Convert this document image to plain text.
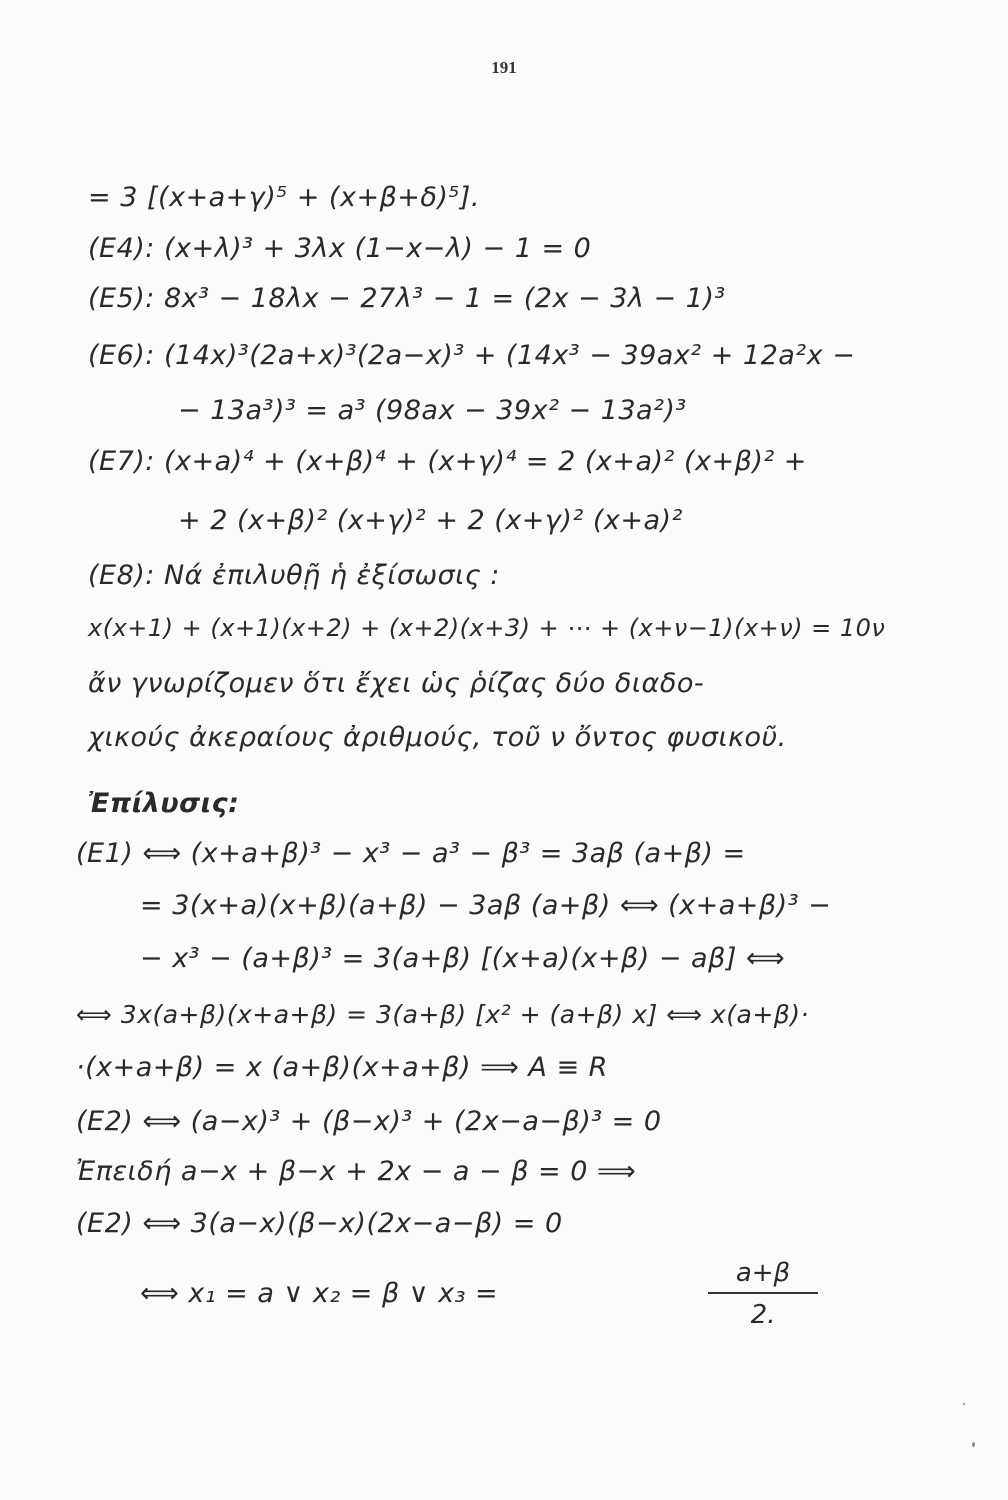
191
= 3 [(x+a+γ)⁵ + (x+β+δ)⁵].
(E4): (x+λ)³ + 3λx (1−x−λ) − 1 = 0
(E5): 8x³ − 18λx − 27λ³ − 1 = (2x − 3λ − 1)³
(E6): (14x)³(2a+x)³(2a−x)³ + (14x³ − 39ax² + 12a²x −
− 13a³)³ = a³ (98ax − 39x² − 13a²)³
(E7): (x+a)⁴ + (x+β)⁴ + (x+γ)⁴ = 2 (x+a)² (x+β)² +
+ 2 (x+β)² (x+γ)² + 2 (x+γ)² (x+a)²
(E8): Νά ἐπιλυθῇ ἡ ἐξίσωσις :
x(x+1) + (x+1)(x+2) + (x+2)(x+3) + ⋯ + (x+ν−1)(x+ν) = 10ν
ἄν γνωρίζομεν ὅτι ἔχει ὡς ῥίζας δύο διαδο-
χικούς ἀκεραίους ἀριθμούς, τοῦ ν ὄντος φυσικοῦ.
Ἐπίλυσις:
(E1) ⟺ (x+a+β)³ − x³ − a³ − β³ = 3aβ (a+β) =
= 3(x+a)(x+β)(a+β) − 3aβ (a+β) ⟺ (x+a+β)³ −
− x³ − (a+β)³ = 3(a+β) [(x+a)(x+β) − aβ] ⟺
⟺ 3x(a+β)(x+a+β) = 3(a+β) [x² + (a+β) x] ⟺ x(a+β)·
·(x+a+β) = x (a+β)(x+a+β) ⟹ A ≡ R
(E2) ⟺ (a−x)³ + (β−x)³ + (2x−a−β)³ = 0
Ἐπειδή a−x + β−x + 2x − a − β = 0 ⟹
(E2) ⟺ 3(a−x)(β−x)(2x−a−β) = 0
⟺ x₁ = a ∨ x₂ = β ∨ x₃ =
a+β
2.
